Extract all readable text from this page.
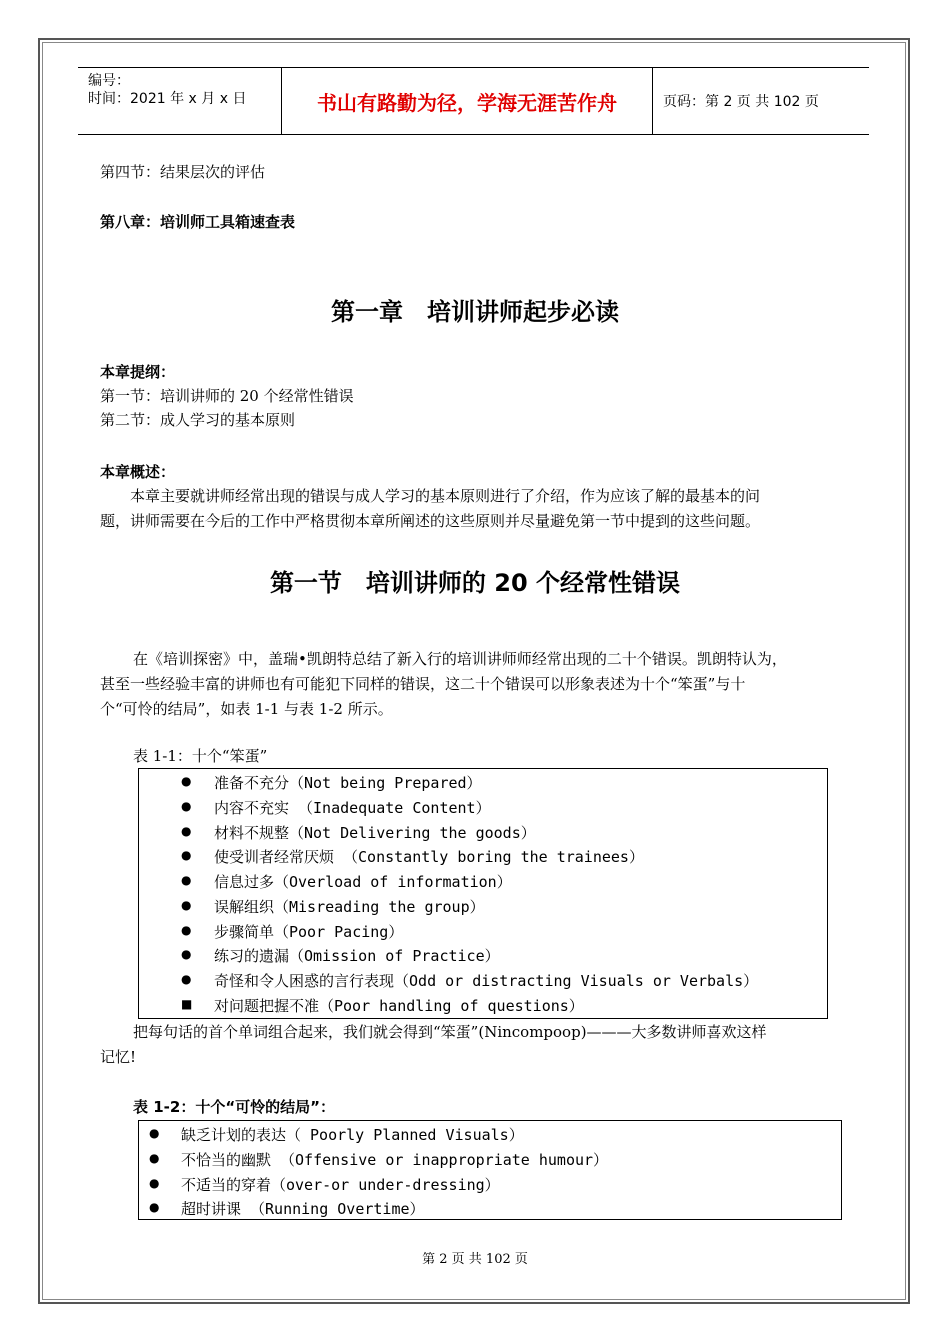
编号：
时间：2021 年 x 月 x 日	书山有路勤为径，学海无涯苦作舟	页码：第 2 页 共 102 页
第四节：结果层次的评估
第八章：培训师工具箱速查表
第一章　培训讲师起步必读
本章提纲：
第一节：培训讲师的 20 个经常性错误
第二节：成人学习的基本原则
本章概述：
本章主要就讲师经常出现的错误与成人学习的基本原则进行了介绍，作为应该了解的最基本的问
题，讲师需要在今后的工作中严格贯彻本章所阐述的这些原则并尽量避免第一节中提到的这些问题。
第一节　培训讲师的 20 个经常性错误
在《培训探密》中，盖瑞•凯朗特总结了新入行的培训讲师师经常出现的二十个错误。凯朗特认为，
甚至一些经验丰富的讲师也有可能犯下同样的错误，这二十个错误可以形象表述为十个“笨蛋”与十
个“可怜的结局”，如表 1-1 与表 1-2 所示。
表 1-1：十个“笨蛋”
● 准备不充分（Not being Prepared）
● 内容不充实 （Inadequate Content）
● 材料不规整（Not Delivering the goods）
● 使受训者经常厌烦 （Constantly boring the trainees）
● 信息过多（Overload of information）
● 误解组织（Misreading the group）
● 步骤简单（Poor Pacing）
● 练习的遗漏（Omission of Practice）
● 奇怪和令人困惑的言行表现（Odd or distracting Visuals or Verbals）
■ 对问题把握不准（Poor handling of questions）
把每句话的首个单词组合起来，我们就会得到“笨蛋”(Nincompoop)———大多数讲师喜欢这样
记忆!
表 1-2：十个“可怜的结局”：
● 缺乏计划的表达（ Poorly Planned Visuals）
● 不恰当的幽默 （Offensive or inappropriate humour）
● 不适当的穿着（over-or under-dressing）
● 超时讲课 （Running Overtime）
第 2 页 共 102 页
